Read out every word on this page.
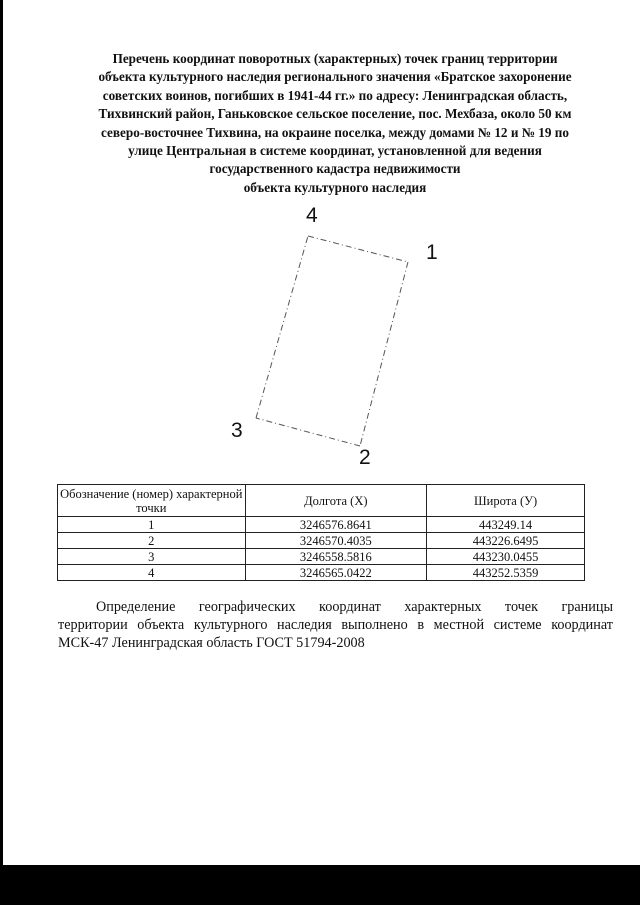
Перечень координат поворотных (характерных) точек границ территории
объекта культурного наследия регионального значения «Братское захоронение
советских воинов, погибших в 1941-44 гг.» по адресу: Ленинградская область,
Тихвинский район, Ганьковское сельское поселение, пос. Мехбаза, около 50 км
северо-восточнее Тихвина, на окраине поселка, между домами № 12 и № 19 по
улице Центральная в системе координат, установленной для ведения
государственного кадастра недвижимости
объекта культурного наследия
4
1
3
2
Обозначение (номер) характерной точки	Долгота (X)	Широта (У)
1	3246576.8641	443249.14
2	3246570.4035	443226.6495
3	3246558.5816	443230.0455
4	3246565.0422	443252.5359
Определение географических координат характерных точек границы
территории объекта культурного наследия выполнено в местной системе координат МСК-47 Ленинградская область ГОСТ 51794-2008
